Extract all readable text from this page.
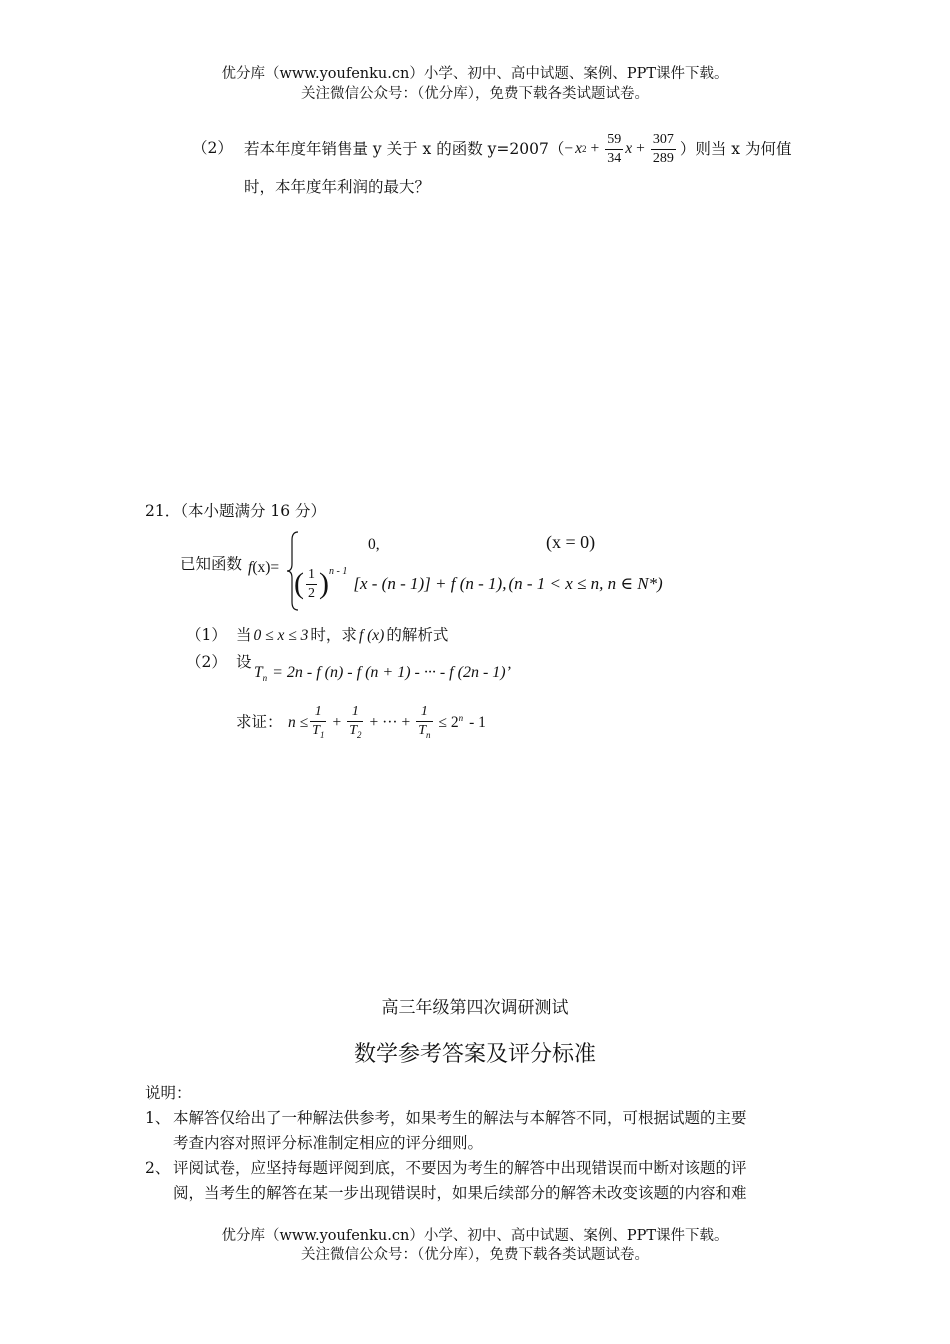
优分库（www.youfenku.cn）小学、初中、高中试题、案例、PPT课件下载。
关注微信公众号：（优分库），免费下载各类试题试卷。
（2） 若本年度年销售量 y 关于 x 的函数 y=2007（ − x $2 + \frac{59}{34}$ $x + \frac{307}{289}$ ）则当 x 为何值
时，本年度年利润的最大？
21．（本小题满分 16 分）
已知函数 f(x)=
0,	(x = 0)
( $\frac{1}{2}$ ) n - 1
[x - (n - 1)] + f (n - 1), (n - 1 < x ≤ n, n ∈ N*)
（1） 当 0 ≤ x ≤ 3 时，求 f (x) 的解析式
（2） 设
$T_n = 2n - f$ (n) - f (n + 1) - ··· - f (2n - 1)’
求证： $n \le \frac{1}{T_1} + \frac{1}{T_2}$ + ··· + $\frac{1}{T_n} \le 2$ n - 1
高三年级第四次调研测试
数学参考答案及评分标准
说明：
1、 本解答仅给出了一种解法供参考，如果考生的解法与本解答不同，可根据试题的主要
考查内容对照评分标准制定相应的评分细则。
2、 评阅试卷，应坚持每题评阅到底，不要因为考生的解答中出现错误而中断对该题的评
阅，当考生的解答在某一步出现错误时，如果后续部分的解答未改变该题的内容和难
优分库（www.youfenku.cn）小学、初中、高中试题、案例、PPT课件下载。
关注微信公众号：（优分库），免费下载各类试题试卷。
